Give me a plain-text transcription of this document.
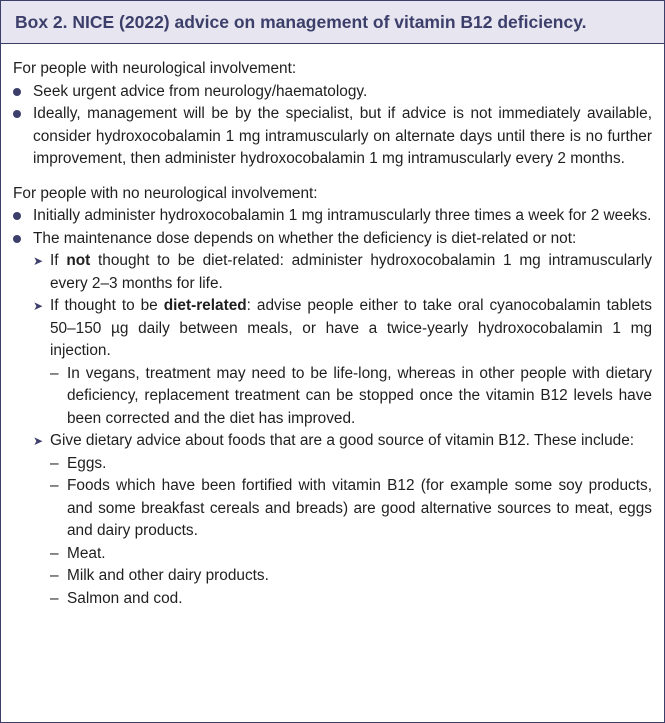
Box 2. NICE (2022) advice on management of vitamin B12 deficiency.

For people with neurological involvement:

Seek urgent advice from neurology/haematology.
Ideally, management will be by the specialist, but if advice is not immediately available, consider hydroxocobalamin 1 mg intramuscularly on alternate days until there is no further improvement, then administer hydroxocobalamin 1 mg intramuscularly every 2 months.

For people with no neurological involvement:

Initially administer hydroxocobalamin 1 mg intramuscularly three times a week for 2 weeks.
The maintenance dose depends on whether the deficiency is diet-related or not:
➤ If not thought to be diet-related: administer hydroxocobalamin 1 mg intramuscularly every 2–3 months for life.
➤ If thought to be diet-related: advise people either to take oral cyanocobalamin tablets 50–150 µg daily between meals, or have a twice-yearly hydroxocobalamin 1 mg injection.
– In vegans, treatment may need to be life-long, whereas in other people with dietary deficiency, replacement treatment can be stopped once the vitamin B12 levels have been corrected and the diet has improved.
➤ Give dietary advice about foods that are a good source of vitamin B12. These include:
– Eggs.
– Foods which have been fortified with vitamin B12 (for example some soy products, and some breakfast cereals and breads) are good alternative sources to meat, eggs and dairy products.
– Meat.
– Milk and other dairy products.
– Salmon and cod.
